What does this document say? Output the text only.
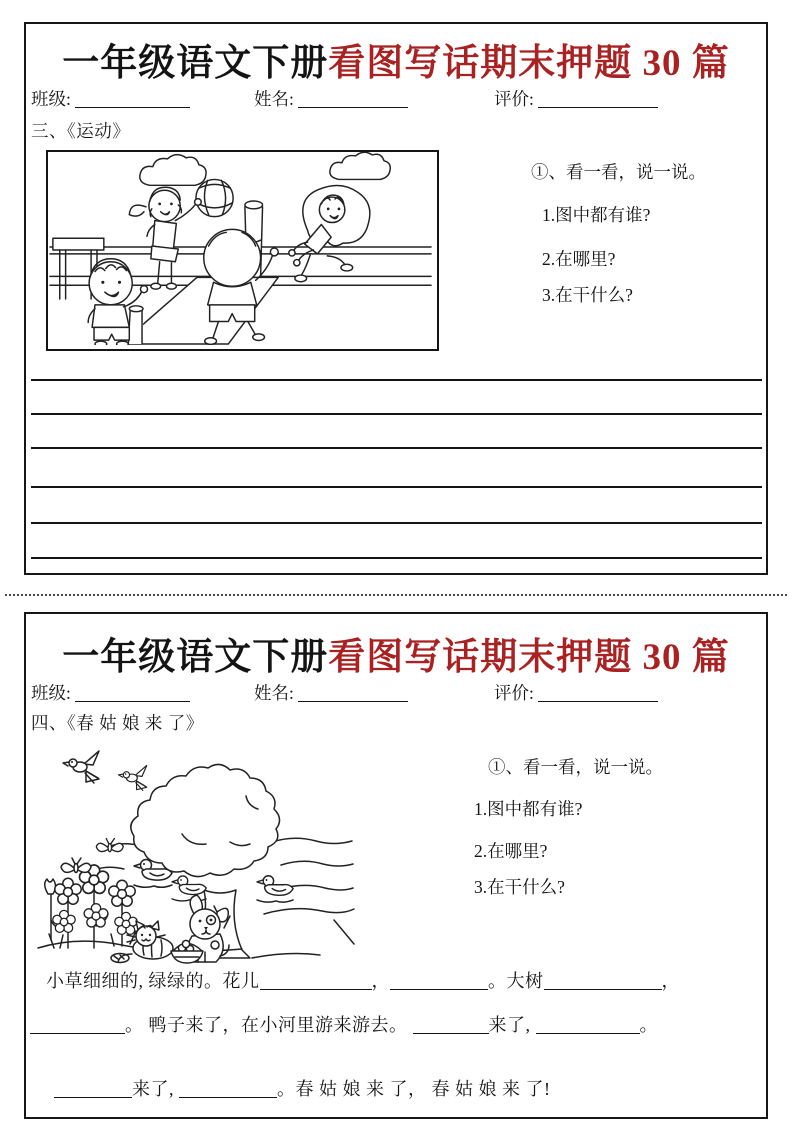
一年级语文下册看图写话期末押题 30 篇
班级:	姓名:	评价:
三、《运动》
①、看一看，说一说。
1.图中都有谁?
2.在哪里?
3.在干什么?
一年级语文下册看图写话期末押题 30 篇
班级:	姓名:	评价:
四、《春 姑 娘 来 了》
①、看一看，说一说。
1.图中都有谁?
2.在哪里?
3.在干什么?
小草细细的, 绿绿的。花儿	，	。大树	，
。 鸭子来了，在小河里游来游去。	来了,	。
来了,	。春 姑 娘 来 了， 春 姑 娘 来 了!
